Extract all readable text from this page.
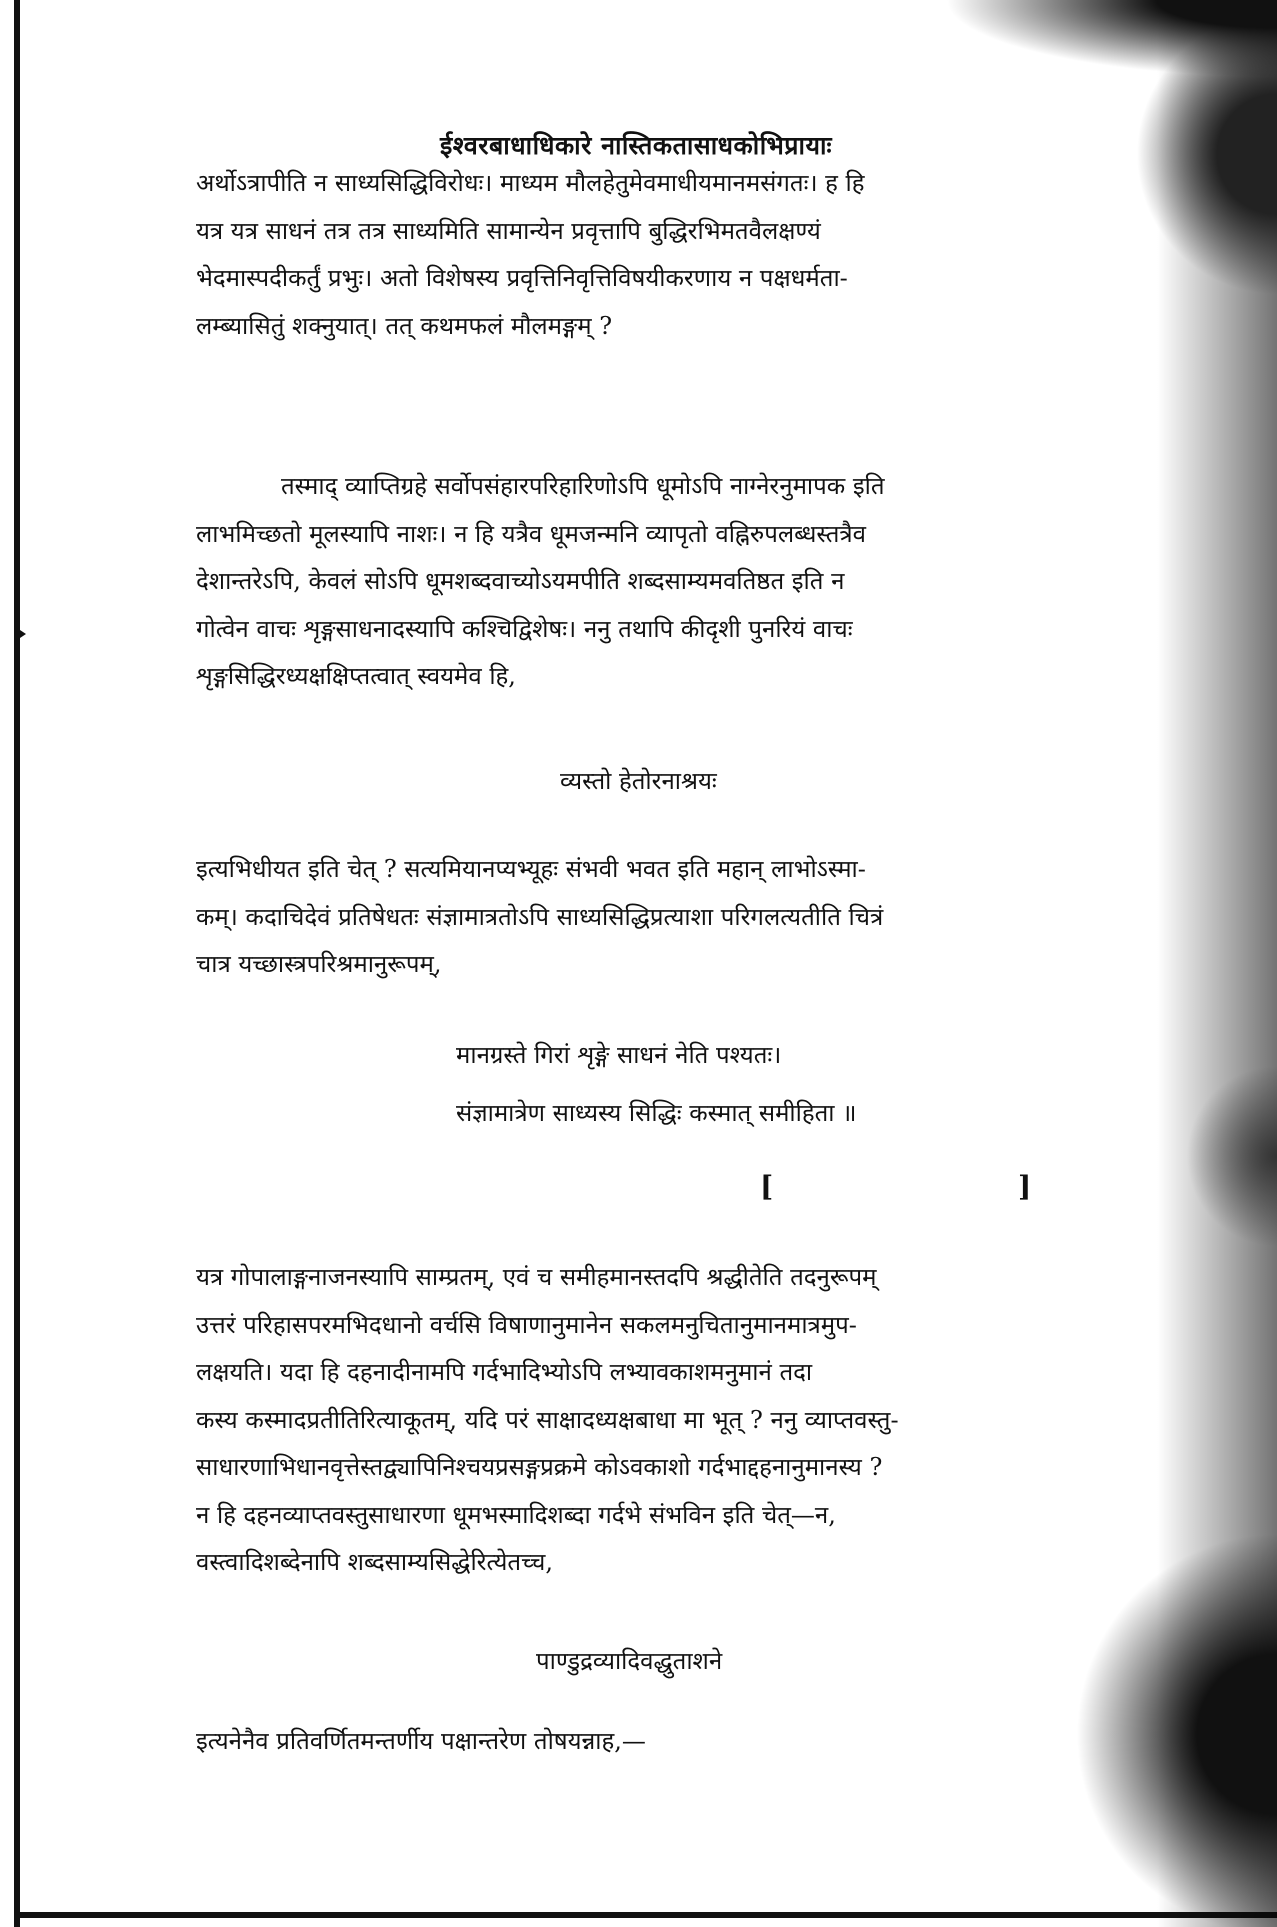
ईश्वरबाधाधिकारे नास्तिकतासाधकोभिप्रायाः
अर्थोऽत्रापीति न साध्यसिद्धिविरोधः। माध्यम मौलहेतुमेवमाधीयमानमसंगतः। ह हि
यत्र यत्र साधनं तत्र तत्र साध्यमिति सामान्येन प्रवृत्तापि बुद्धिरभिमतवैलक्षण्यं
भेदमास्पदीकर्तुं प्रभुः। अतो विशेषस्य प्रवृत्तिनिवृत्तिविषयीकरणाय न पक्षधर्मता-
लम्ब्यासितुं शक्नुयात्। तत् कथमफलं मौलमङ्गम् ?
तस्माद् व्याप्तिग्रहे सर्वोपसंहारपरिहारिणोऽपि धूमोऽपि नाग्नेरनुमापक इति
लाभमिच्छतो मूलस्यापि नाशः। न हि यत्रैव धूमजन्मनि व्यापृतो वह्निरुपलब्धस्तत्रैव
देशान्तरेऽपि, केवलं सोऽपि धूमशब्दवाच्योऽयमपीति शब्दसाम्यमवतिष्ठत इति न
गोत्वेन वाचः शृङ्गसाधनादस्यापि कश्चिद्विशेषः। ननु तथापि कीदृशी पुनरियं वाचः
शृङ्गसिद्धिरध्यक्षक्षिप्तत्वात् स्वयमेव हि,
व्यस्तो हेतोरनाश्रयः
इत्यभिधीयत इति चेत् ? सत्यमियानप्यभ्यूहः संभवी भवत इति महान् लाभोऽस्मा-
कम्। कदाचिदेवं प्रतिषेधतः संज्ञामात्रतोऽपि साध्यसिद्धिप्रत्याशा परिगलत्यतीति चित्रं
चात्र यच्छास्त्रपरिश्रमानुरूपम्,
मानग्रस्ते गिरां शृङ्गे साधनं नेति पश्यतः।
संज्ञामात्रेण साध्यस्य सिद्धिः कस्मात् समीहिता ॥
[	]
यत्र गोपालाङ्गनाजनस्यापि साम्प्रतम्, एवं च समीहमानस्तदपि श्रद्धीतेति तदनुरूपम्
उत्तरं परिहासपरमभिदधानो वर्चसि विषाणानुमानेन सकलमनुचितानुमानमात्रमुप-
लक्षयति। यदा हि दहनादीनामपि गर्दभादिभ्योऽपि लभ्यावकाशमनुमानं तदा
कस्य कस्मादप्रतीतिरित्याकूतम्, यदि परं साक्षादध्यक्षबाधा मा भूत् ? ननु व्याप्तवस्तु-
साधारणाभिधानवृत्तेस्तद्व्यापिनिश्चयप्रसङ्गप्रक्रमे कोऽवकाशो गर्दभाद्दहनानुमानस्य ?
न हि दहनव्याप्तवस्तुसाधारणा धूमभस्मादिशब्दा गर्दभे संभविन इति चेत्—न,
वस्त्वादिशब्देनापि शब्दसाम्यसिद्धेरित्येतच्च,
पाण्डुद्रव्यादिवद्धुताशने
इत्यनेनैव प्रतिवर्णितमन्तर्णीय पक्षान्तरेण तोषयन्नाह,—
